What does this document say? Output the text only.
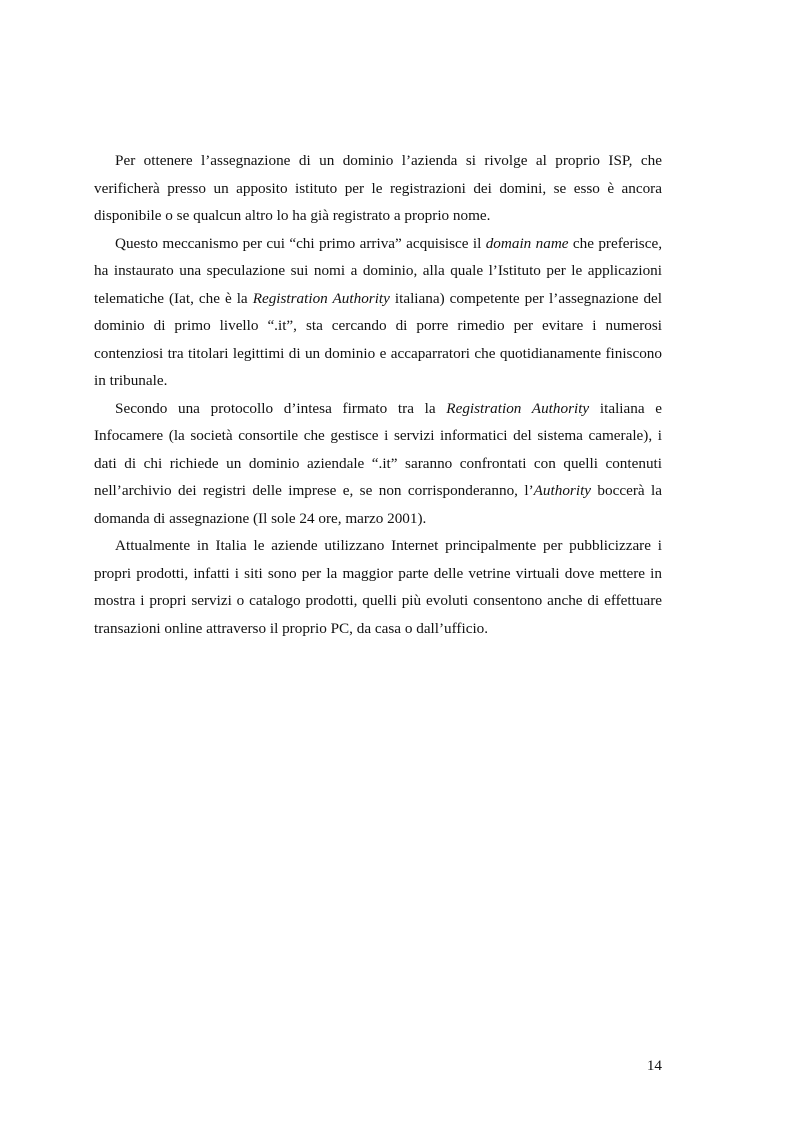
Per ottenere l’assegnazione di un dominio l’azienda si rivolge al proprio ISP, che verificherà presso un apposito istituto per le registrazioni dei domini, se esso è ancora disponibile o se qualcun altro lo ha già registrato a proprio nome.

Questo meccanismo per cui “chi primo arriva” acquisisce il domain name che preferisce, ha instaurato una speculazione sui nomi a dominio, alla quale l’Istituto per le applicazioni telematiche (Iat, che è la Registration Authority italiana) competente per l’assegnazione del dominio di primo livello “.it”, sta cercando di porre rimedio per evitare i numerosi contenziosi tra titolari legittimi di un dominio e accaparratori che quotidianamente finiscono in tribunale.

Secondo una protocollo d’intesa firmato tra la Registration Authority italiana e Infocamere (la società consortile che gestisce i servizi informatici del sistema camerale), i dati di chi richiede un dominio aziendale “.it” saranno confrontati con quelli contenuti nell’archivio dei registri delle imprese e, se non corrisponderanno, l’Authority boccerà la domanda di assegnazione (Il sole 24 ore, marzo 2001).

Attualmente in Italia le aziende utilizzano Internet principalmente per pubblicizzare i propri prodotti, infatti i siti sono per la maggior parte delle vetrine virtuali dove mettere in mostra i propri servizi o catalogo prodotti, quelli più evoluti consentono anche di effettuare transazioni online attraverso il proprio PC, da casa o dall’ufficio.

14
